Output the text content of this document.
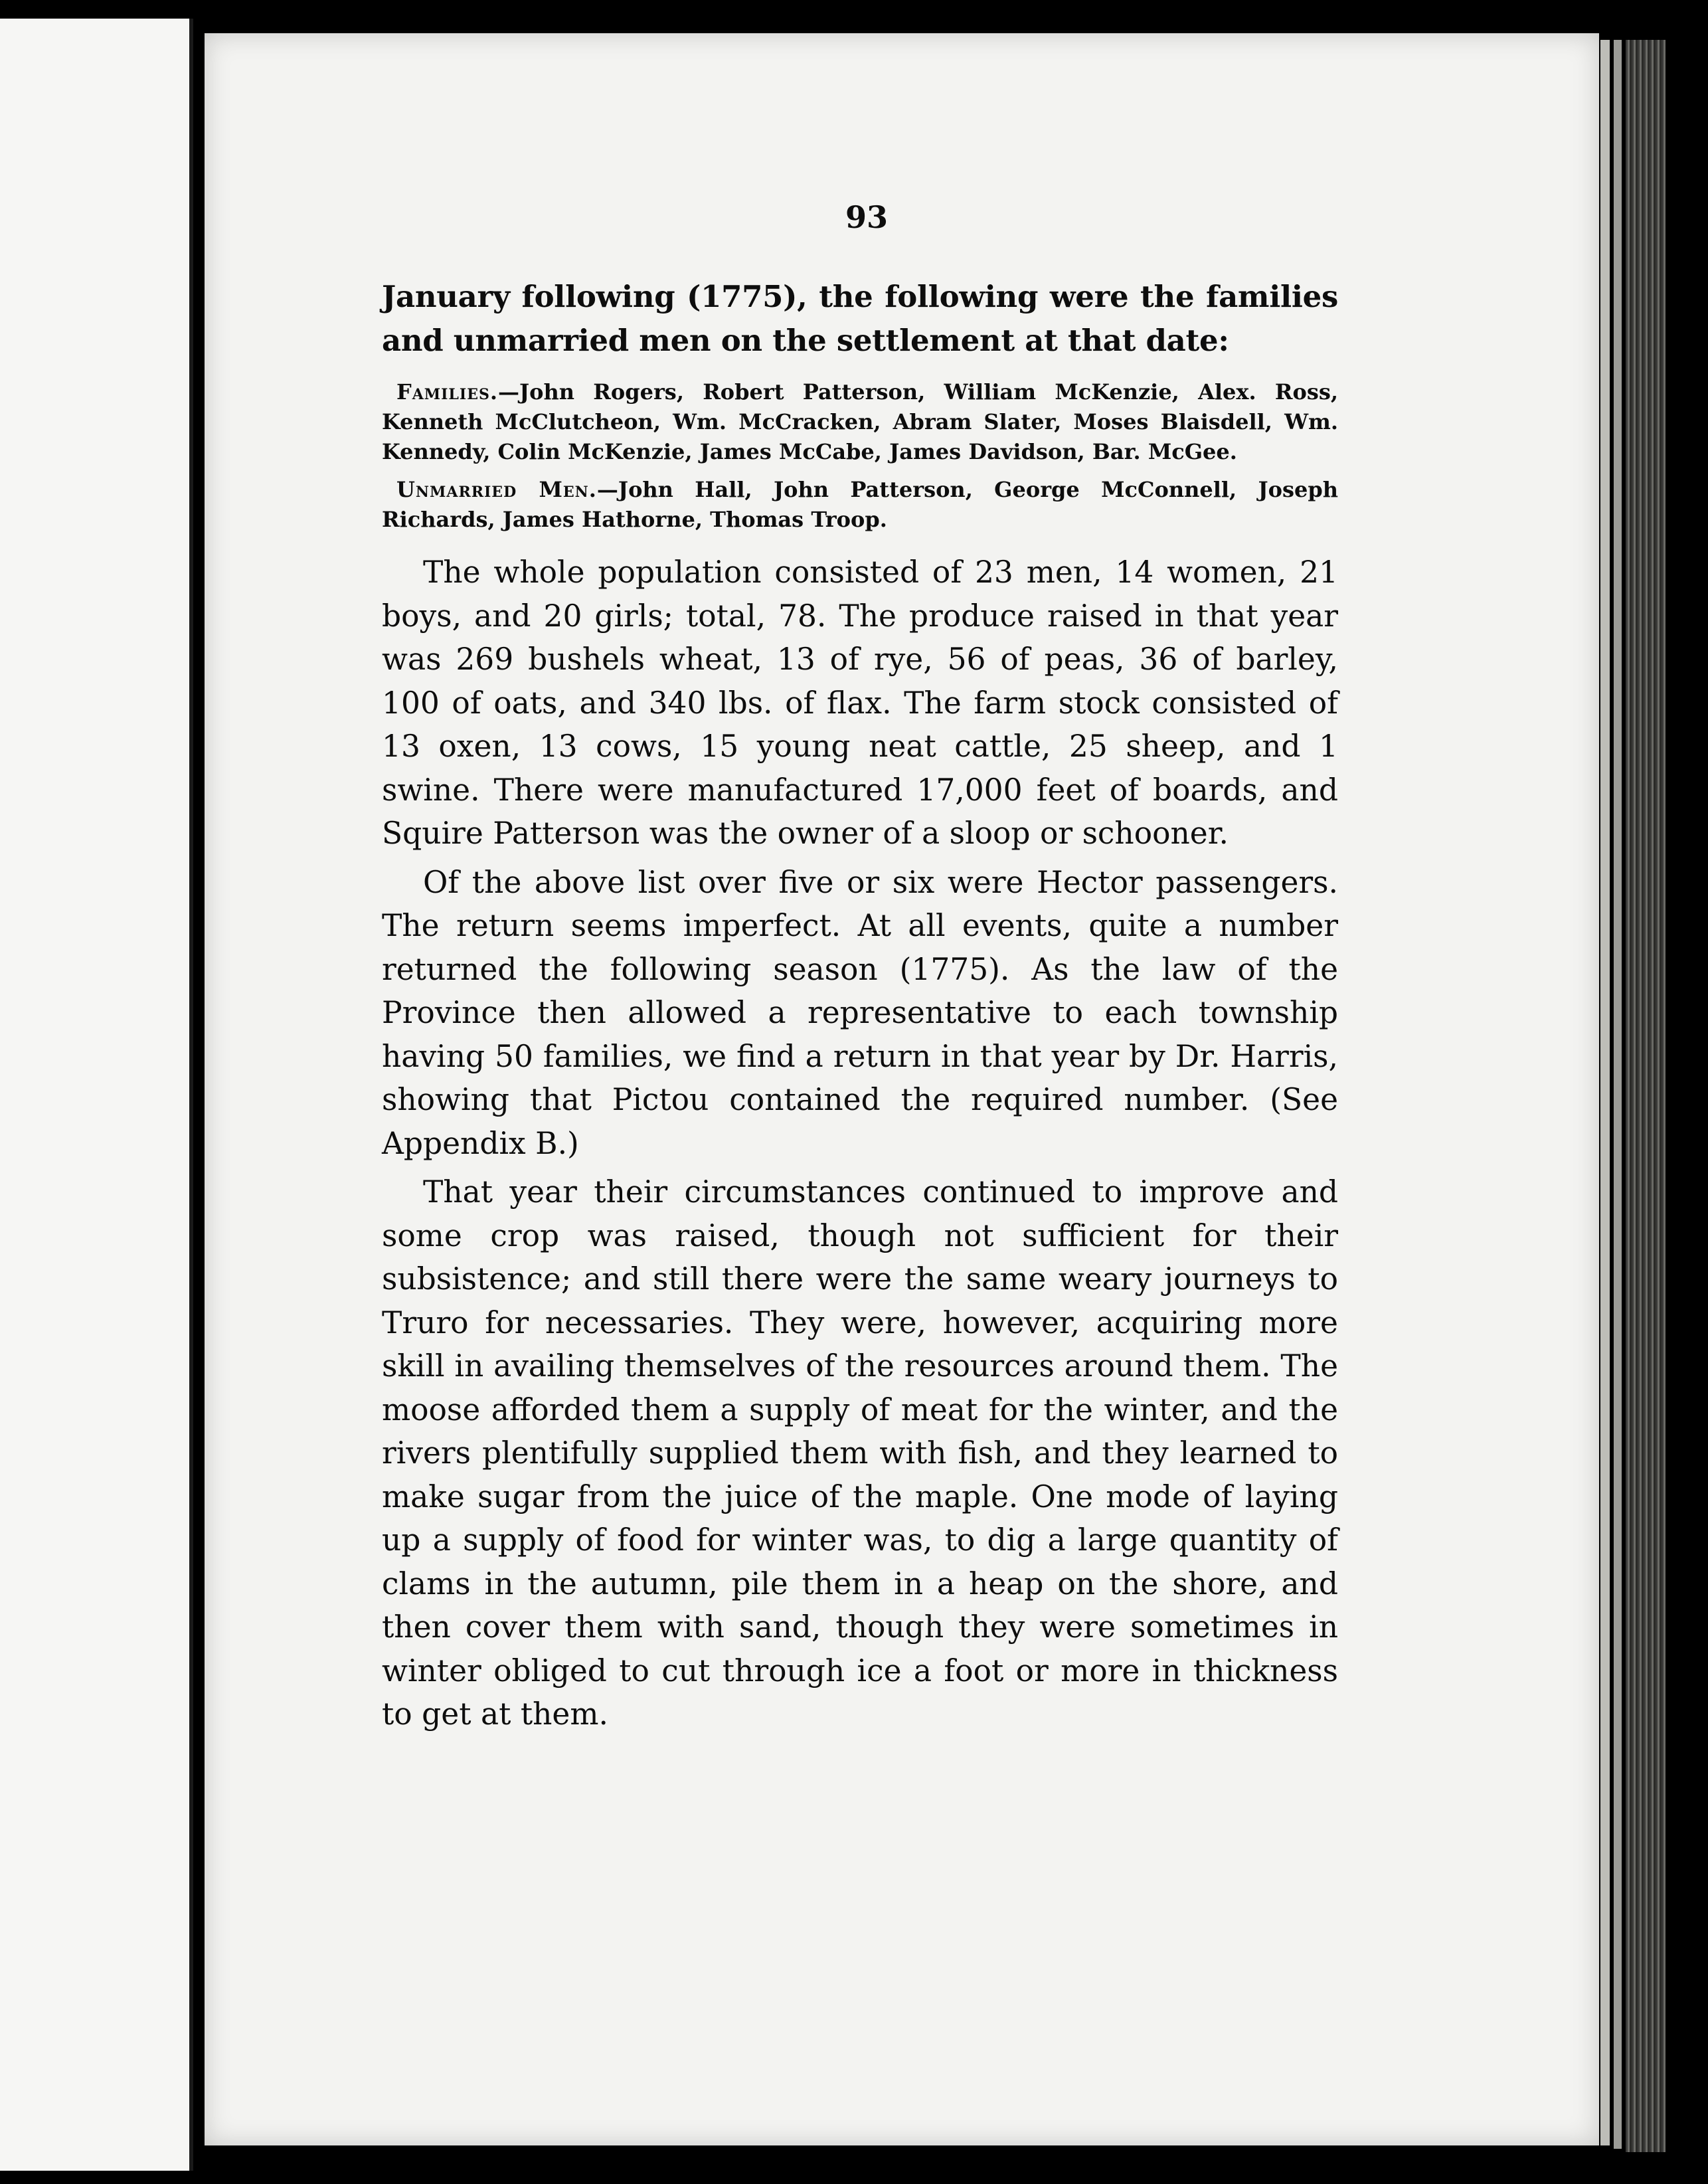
93

January following (1775), the following were the families and unmarried men on the settlement at that date:

Families.—John Rogers, Robert Patterson, William McKenzie, Alex. Ross, Kenneth McClutcheon, Wm. McCracken, Abram Slater, Moses Blaisdell, Wm. Kennedy, Colin McKenzie, James McCabe, James Davidson, Bar. McGee.

Unmarried Men.—John Hall, John Patterson, George McConnell, Joseph Richards, James Hathorne, Thomas Troop.

The whole population consisted of 23 men, 14 women, 21 boys, and 20 girls; total, 78. The produce raised in that year was 269 bushels wheat, 13 of rye, 56 of peas, 36 of barley, 100 of oats, and 340 lbs. of flax. The farm stock consisted of 13 oxen, 13 cows, 15 young neat cattle, 25 sheep, and 1 swine. There were manufactured 17,000 feet of boards, and Squire Patterson was the owner of a sloop or schooner.

Of the above list over five or six were Hector passengers. The return seems imperfect. At all events, quite a number returned the following season (1775). As the law of the Province then allowed a representative to each township having 50 families, we find a return in that year by Dr. Harris, showing that Pictou contained the required number. (See Appendix B.)

That year their circumstances continued to improve and some crop was raised, though not sufficient for their subsistence; and still there were the same weary journeys to Truro for necessaries. They were, however, acquiring more skill in availing themselves of the resources around them. The moose afforded them a supply of meat for the winter, and the rivers plentifully supplied them with fish, and they learned to make sugar from the juice of the maple. One mode of laying up a supply of food for winter was, to dig a large quantity of clams in the autumn, pile them in a heap on the shore, and then cover them with sand, though they were sometimes in winter obliged to cut through ice a foot or more in thickness to get at them.
